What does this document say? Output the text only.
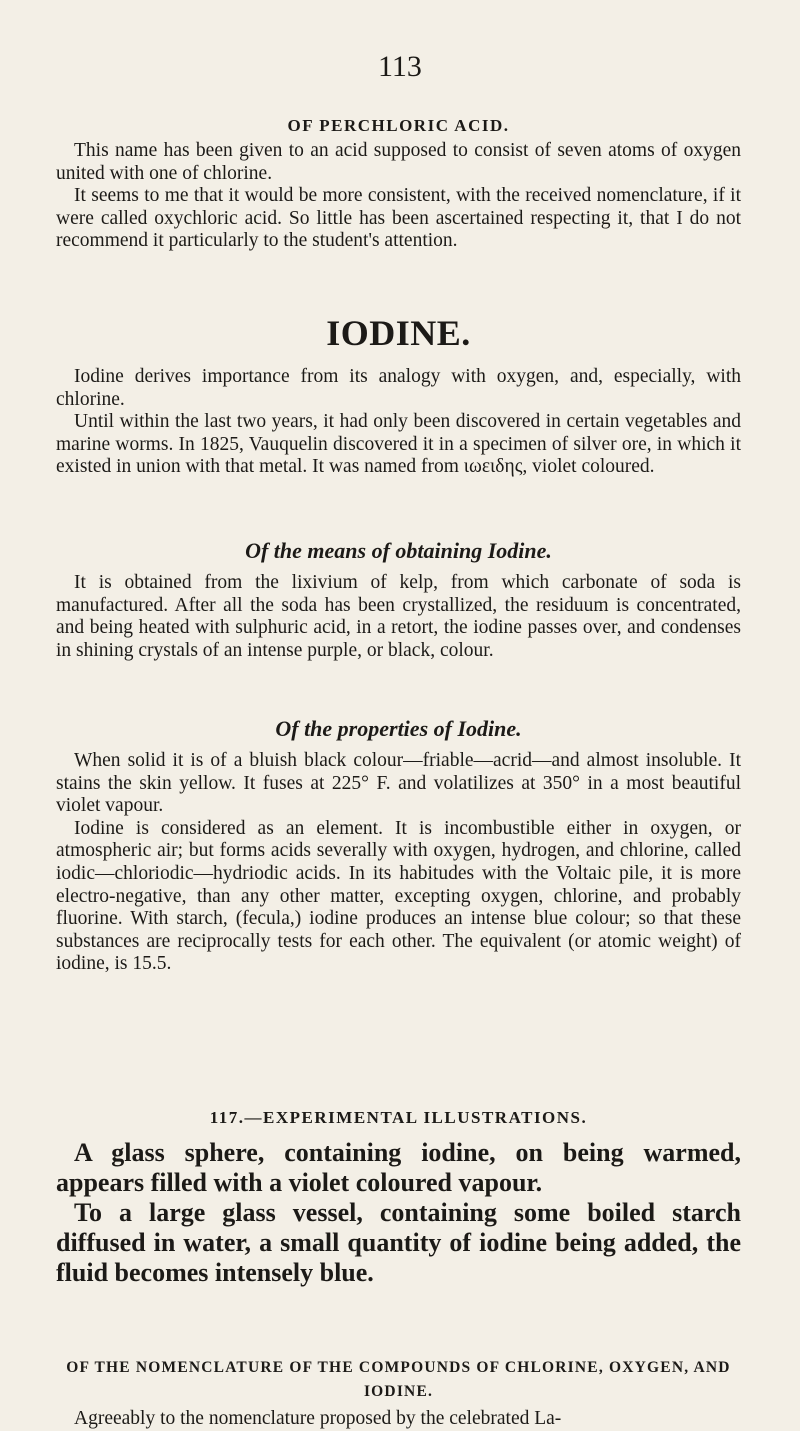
113
OF PERCHLORIC ACID.

This name has been given to an acid supposed to consist of seven atoms of oxygen united with one of chlorine.

It seems to me that it would be more consistent, with the received nomenclature, if it were called oxychloric acid. So little has been ascertained respecting it, that I do not recommend it particularly to the student's attention.

IODINE.

Iodine derives importance from its analogy with oxygen, and, especially, with chlorine.

Until within the last two years, it had only been discovered in certain vegetables and marine worms. In 1825, Vauquelin discovered it in a specimen of silver ore, in which it existed in union with that metal. It was named from ιωειδης, violet coloured.

Of the means of obtaining Iodine.

It is obtained from the lixivium of kelp, from which carbonate of soda is manufactured. After all the soda has been crystallized, the residuum is concentrated, and being heated with sulphuric acid, in a retort, the iodine passes over, and condenses in shining crystals of an intense purple, or black, colour.

Of the properties of Iodine.

When solid it is of a bluish black colour—friable—acrid—and almost insoluble. It stains the skin yellow. It fuses at 225° F. and volatilizes at 350° in a most beautiful violet vapour.

Iodine is considered as an element. It is incombustible either in oxygen, or atmospheric air; but forms acids severally with oxygen, hydrogen, and chlorine, called iodic—chloriodic—hydriodic acids. In its habitudes with the Voltaic pile, it is more electro-negative, than any other matter, excepting oxygen, chlorine, and probably fluorine. With starch, (fecula,) iodine produces an intense blue colour; so that these substances are reciprocally tests for each other. The equivalent (or atomic weight) of iodine, is 15.5.

117.—EXPERIMENTAL ILLUSTRATIONS.

A glass sphere, containing iodine, on being warmed, appears filled with a violet coloured vapour.

To a large glass vessel, containing some boiled starch diffused in water, a small quantity of iodine being added, the fluid becomes intensely blue.

OF THE NOMENCLATURE OF THE COMPOUNDS OF CHLORINE, OXYGEN, AND IODINE.

Agreeably to the nomenclature proposed by the celebrated La-
